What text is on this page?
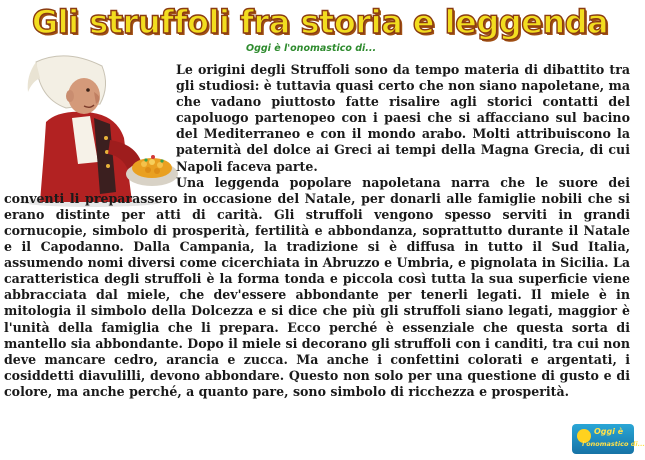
Gli struffoli fra storia e leggenda
Oggi è l'onomastico di...

Le origini degli Struffoli sono da tempo materia di dibattito tra gli studiosi: è tuttavia quasi certo che non siano napoletane, ma che vadano piuttosto fatte risalire agli storici contatti del capoluogo partenopeo con i paesi che si affacciano sul bacino del Mediterraneo e con il mondo arabo. Molti attribuiscono la paternità del dolce ai Greci ai tempi della Magna Grecia, di cui Napoli faceva parte.

Una leggenda popolare napoletana narra che le suore dei conventi li preparassero in occasione del Natale, per donarli alle famiglie nobili che si erano distinte per atti di carità. Gli struffoli vengono spesso serviti in grandi cornucopie, simbolo di prosperità, fertilità e abbondanza, soprattutto durante il Natale e il Capodanno. Dalla Campania, la tradizione si è diffusa in tutto il Sud Italia, assumendo nomi diversi come cicerchiata in Abruzzo e Umbria, e pignolata in Sicilia. La caratteristica degli struffoli è la forma tonda e piccola così tutta la sua superficie viene abbracciata dal miele, che dev'essere abbondante per tenerli legati. Il miele è in mitologia il simbolo della Dolcezza e si dice che più gli struffoli siano legati, maggior è l'unità della famiglia che li prepara. Ecco perché è essenziale che questa sorta di mantello sia abbondante. Dopo il miele si decorano gli struffoli con i canditi, tra cui non deve mancare cedro, arancia e zucca. Ma anche i confettini colorati e argentati, i cosiddetti diavulilli, devono abbondare. Questo non solo per una questione di gusto e di colore, ma anche perché, a quanto pare, sono simbolo di ricchezza e prosperità.

Oggi è
l'onomastico di...
